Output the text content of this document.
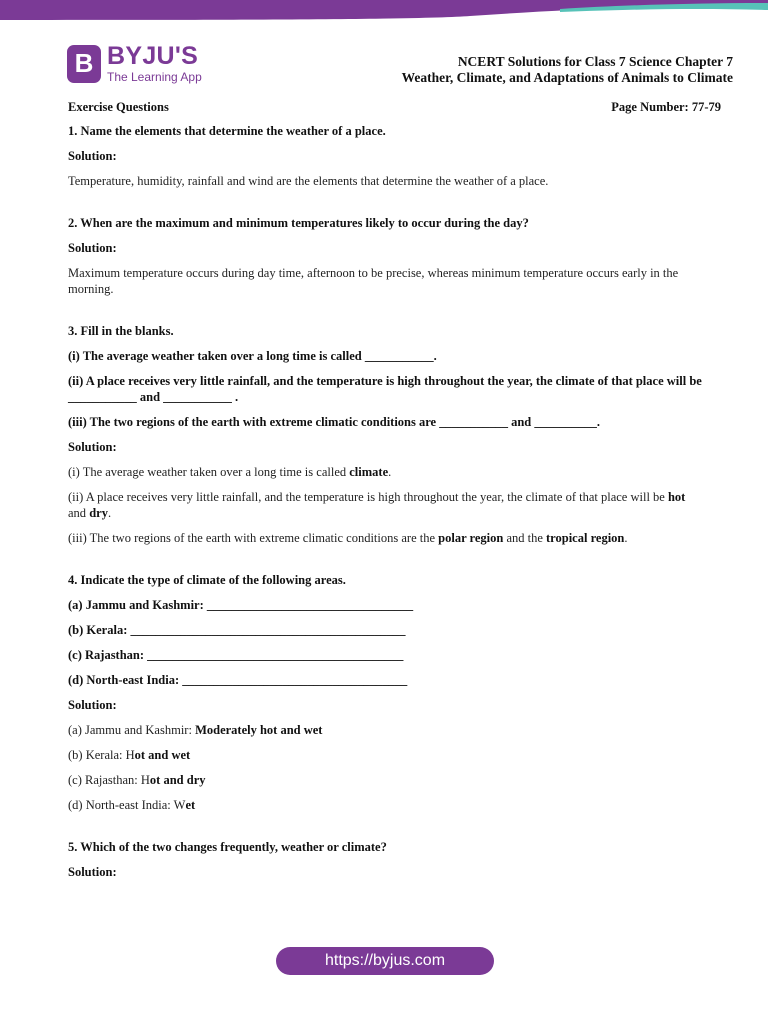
B BYJU'S
The Learning App
NCERT Solutions for Class 7 Science Chapter 7
Weather, Climate, and Adaptations of Animals to Climate
Exercise Questions	Page Number: 77-79

1. Name the elements that determine the weather of a place.

Solution:

Temperature, humidity, rainfall and wind are the elements that determine the weather of a place.

2. When are the maximum and minimum temperatures likely to occur during the day?

Solution:

Maximum temperature occurs during day time, afternoon to be precise, whereas minimum temperature occurs early in the morning.

3. Fill in the blanks.

(i) The average weather taken over a long time is called ___________.

(ii) A place receives very little rainfall, and the temperature is high throughout the year, the climate of that place will be ___________ and ___________ .

(iii) The two regions of the earth with extreme climatic conditions are ___________ and __________.

Solution:

(i) The average weather taken over a long time is called climate.

(ii) A place receives very little rainfall, and the temperature is high throughout the year, the climate of that place will be hot and dry.

(iii) The two regions of the earth with extreme climatic conditions are the polar region and the tropical region.

4. Indicate the type of climate of the following areas.

(a) Jammu and Kashmir: _________________________________

(b) Kerala: ____________________________________________

(c) Rajasthan: _________________________________________

(d) North-east India: ____________________________________

Solution:

(a) Jammu and Kashmir: Moderately hot and wet

(b) Kerala: Hot and wet

(c) Rajasthan: Hot and dry

(d) North-east India: Wet

5. Which of the two changes frequently, weather or climate?

Solution:

https://byjus.com
